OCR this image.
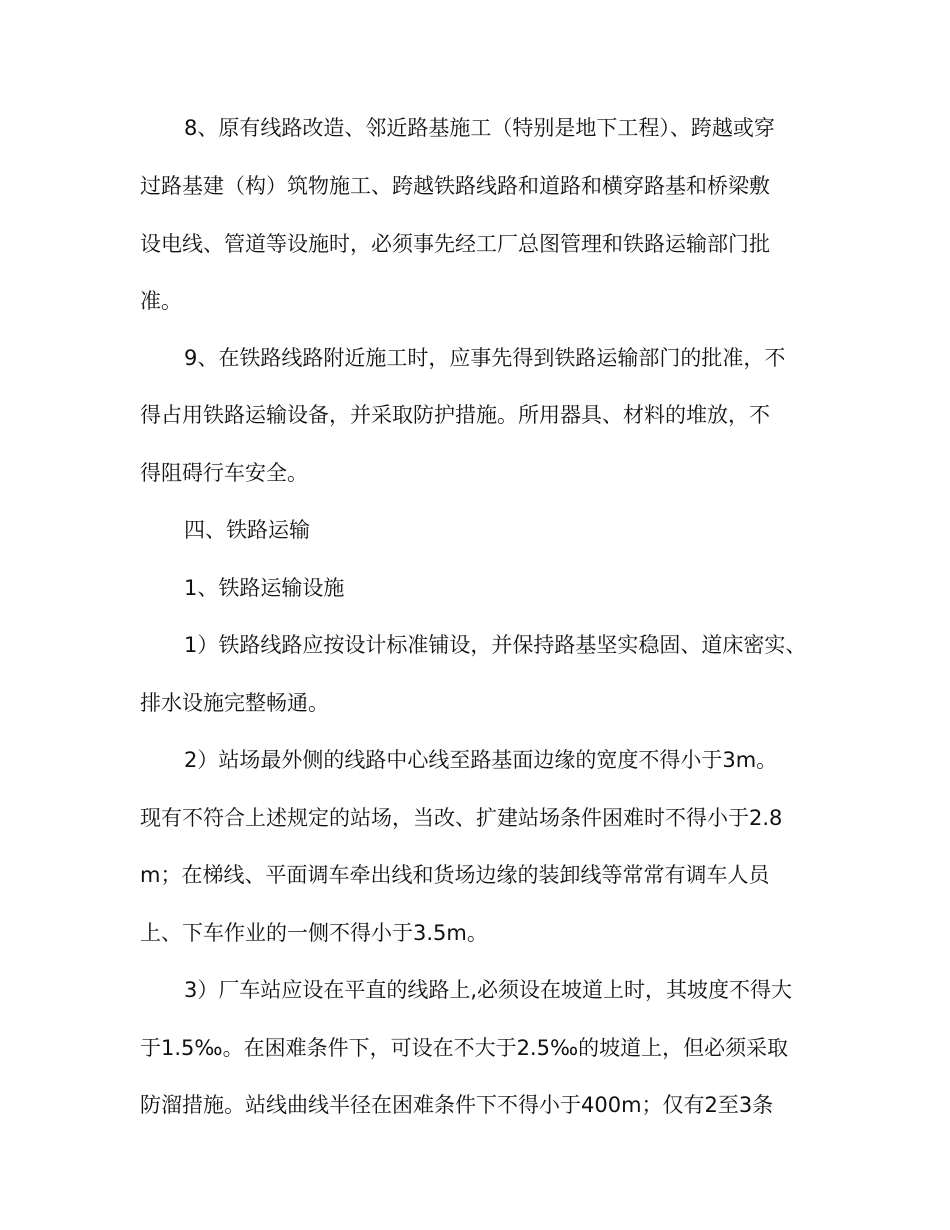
8、原有线路改造、邻近路基施工（特别是地下工程）、跨越或穿
过路基建（构）筑物施工、跨越铁路线路和道路和横穿路基和桥梁敷
设电线、管道等设施时，必须事先经工厂总图管理和铁路运输部门批
准。
9、在铁路线路附近施工时，应事先得到铁路运输部门的批准，不
得占用铁路运输设备，并采取防护措施。所用器具、材料的堆放，不
得阻碍行车安全。
四、铁路运输
1、铁路运输设施
1）铁路线路应按设计标准铺设，并保持路基坚实稳固、道床密实、
排水设施完整畅通。
2）站场最外侧的线路中心线至路基面边缘的宽度不得小于3m。
现有不符合上述规定的站场，当改、扩建站场条件困难时不得小于2.8
m；在梯线、平面调车牵出线和货场边缘的装卸线等常常有调车人员
上、下车作业的一侧不得小于3.5m。
3）厂车站应设在平直的线路上,必须设在坡道上时，其坡度不得大
于1.5‰。在困难条件下，可设在不大于2.5‰的坡道上，但必须采取
防溜措施。站线曲线半径在困难条件下不得小于400m；仅有2至3条
